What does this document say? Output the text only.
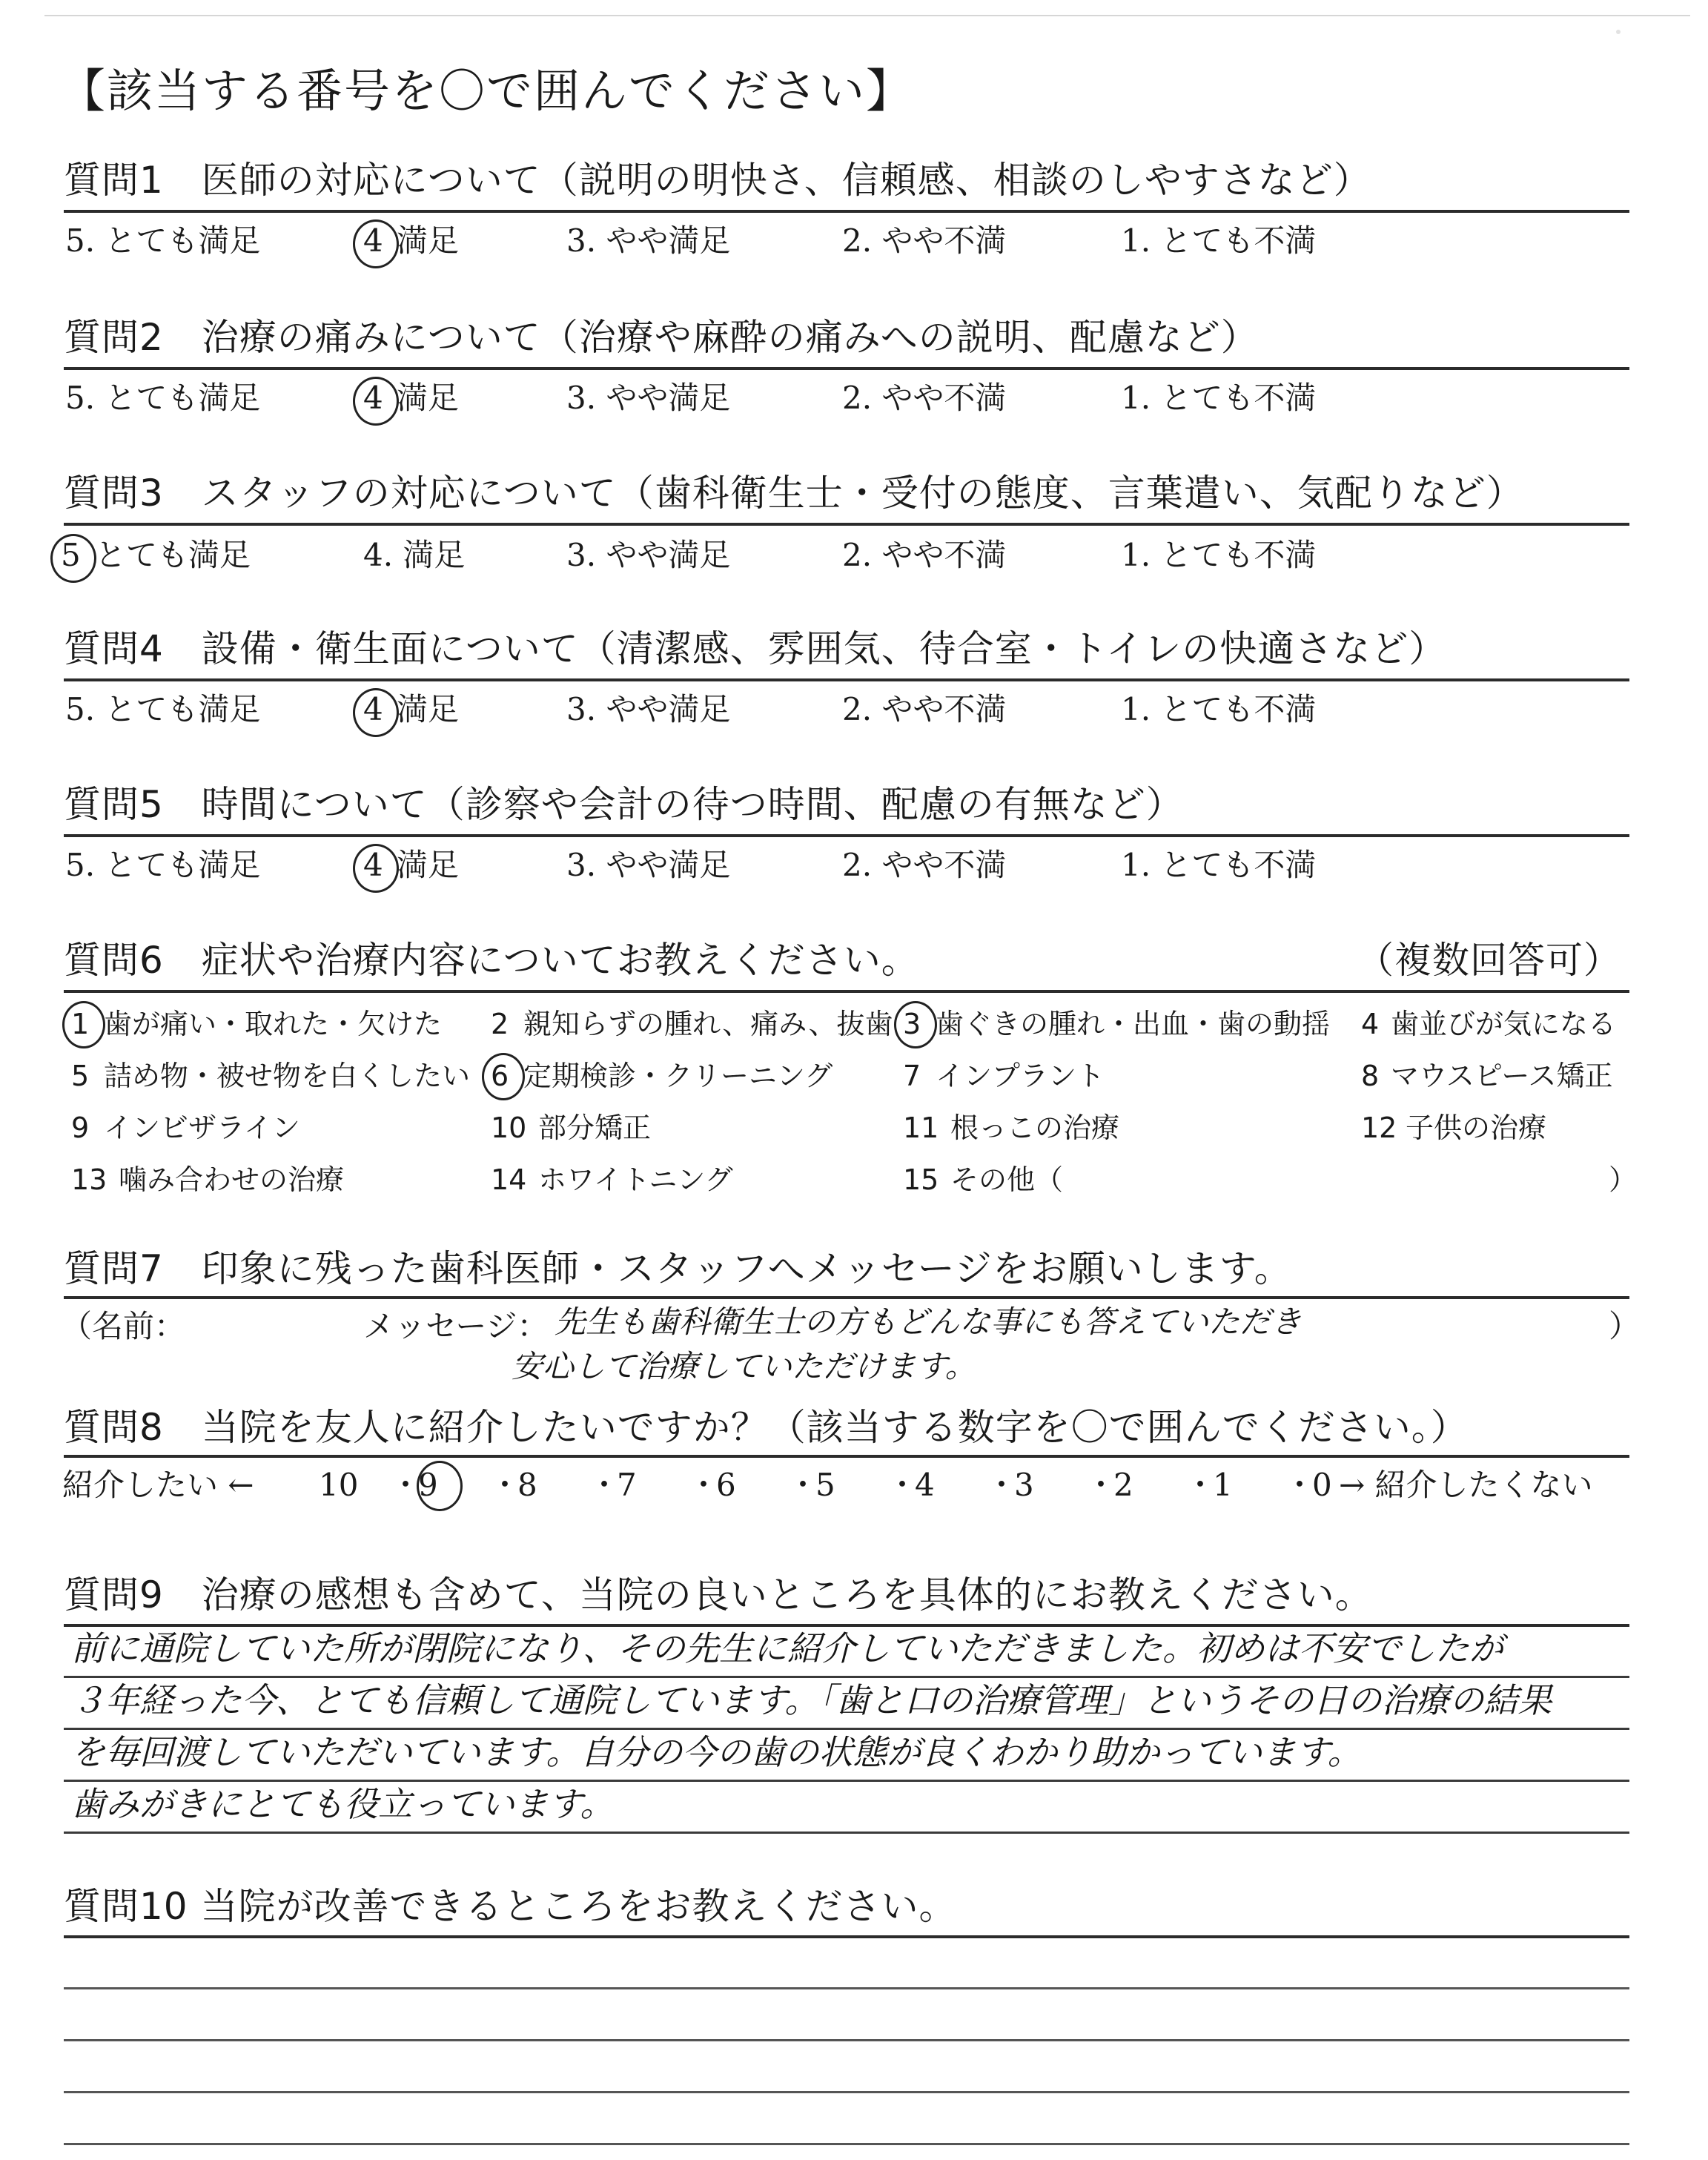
【該当する番号を〇で囲んでください】
質問1　医師の対応について（説明の明快さ、信頼感、相談のしやすさなど）
5. とても満足	4 満足	3. やや満足	2. やや不満	1. とても不満
質問2　治療の痛みについて（治療や麻酔の痛みへの説明、配慮など）
5. とても満足	4 満足	3. やや満足	2. やや不満	1. とても不満
質問3　スタッフの対応について（歯科衛生士・受付の態度、言葉遣い、気配りなど）
5 とても満足	4. 満足	3. やや満足	2. やや不満	1. とても不満
質問4　設備・衛生面について（清潔感、雰囲気、待合室・トイレの快適さなど）
5. とても満足	4 満足	3. やや満足	2. やや不満	1. とても不満
質問5　時間について（診察や会計の待つ時間、配慮の有無など）
5. とても満足	4 満足	3. やや満足	2. やや不満	1. とても不満
質問6　症状や治療内容についてお教えください。	（複数回答可）
1 歯が痛い・取れた・欠けた 2 親知らずの腫れ、痛み、抜歯 3 歯ぐきの腫れ・出血・歯の動揺 4 歯並びが気になる
5 詰め物・被せ物を白くしたい 6 定期検診・クリーニング 7 インプラント	8 マウスピース矯正
9 インビザライン	10 部分矯正	11 根っこの治療	12 子供の治療
13 噛み合わせの治療	14 ホワイトニング	15 その他（	）
質問7　印象に残った歯科医師・スタッフへメッセージをお願いします。
（名前：	メッセージ： 先生も歯科衛生士の方もどんな事にも答えていただき
安心して治療していただけます。
）
質問8　当院を友人に紹介したいですか？（該当する数字を〇で囲んでください。）
紹介したい ← 10 ・
9 ・
8 ・
7 ・
6 ・
5 ・
4 ・
3 ・
2 ・
1 ・
0 → 紹介したくない
質問9　治療の感想も含めて、当院の良いところを具体的にお教えください。
前に通院していた所が閉院になり、その先生に紹介していただきました。初めは不安でしたが
３年経った今、とても信頼して通院しています。「歯と口の治療管理」というその日の治療の結果
を毎回渡していただいています。自分の今の歯の状態が良くわかり助かっています。
歯みがきにとても役立っています。
質問10 当院が改善できるところをお教えください。
